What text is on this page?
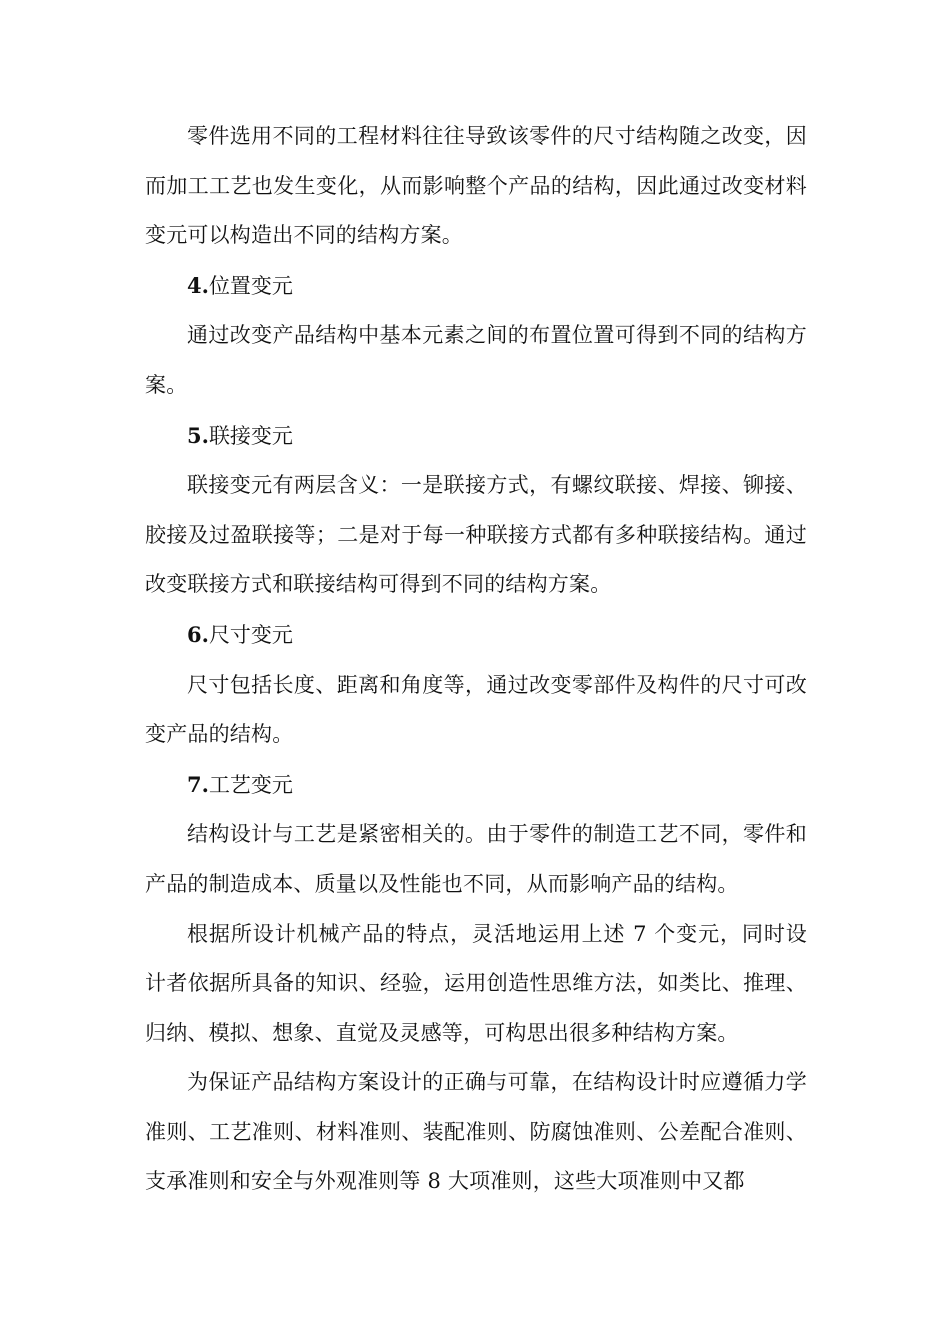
零件选用不同的工程材料往往导致该零件的尺寸结构随之改变，因而加工工艺也发生变化，从而影响整个产品的结构，因此通过改变材料变元可以构造出不同的结构方案。

4.位置变元

通过改变产品结构中基本元素之间的布置位置可得到不同的结构方案。

5.联接变元

联接变元有两层含义：一是联接方式，有螺纹联接、焊接、铆接、胶接及过盈联接等；二是对于每一种联接方式都有多种联接结构。通过改变联接方式和联接结构可得到不同的结构方案。

6.尺寸变元

尺寸包括长度、距离和角度等，通过改变零部件及构件的尺寸可改变产品的结构。

7.工艺变元

结构设计与工艺是紧密相关的。由于零件的制造工艺不同，零件和产品的制造成本、质量以及性能也不同，从而影响产品的结构。

根据所设计机械产品的特点，灵活地运用上述 7 个变元，同时设计者依据所具备的知识、经验，运用创造性思维方法，如类比、推理、归纳、模拟、想象、直觉及灵感等，可构思出很多种结构方案。

为保证产品结构方案设计的正确与可靠，在结构设计时应遵循力学准则、工艺准则、材料准则、装配准则、防腐蚀准则、公差配合准则、支承准则和安全与外观准则等 8 大项准则，这些大项准则中又都
